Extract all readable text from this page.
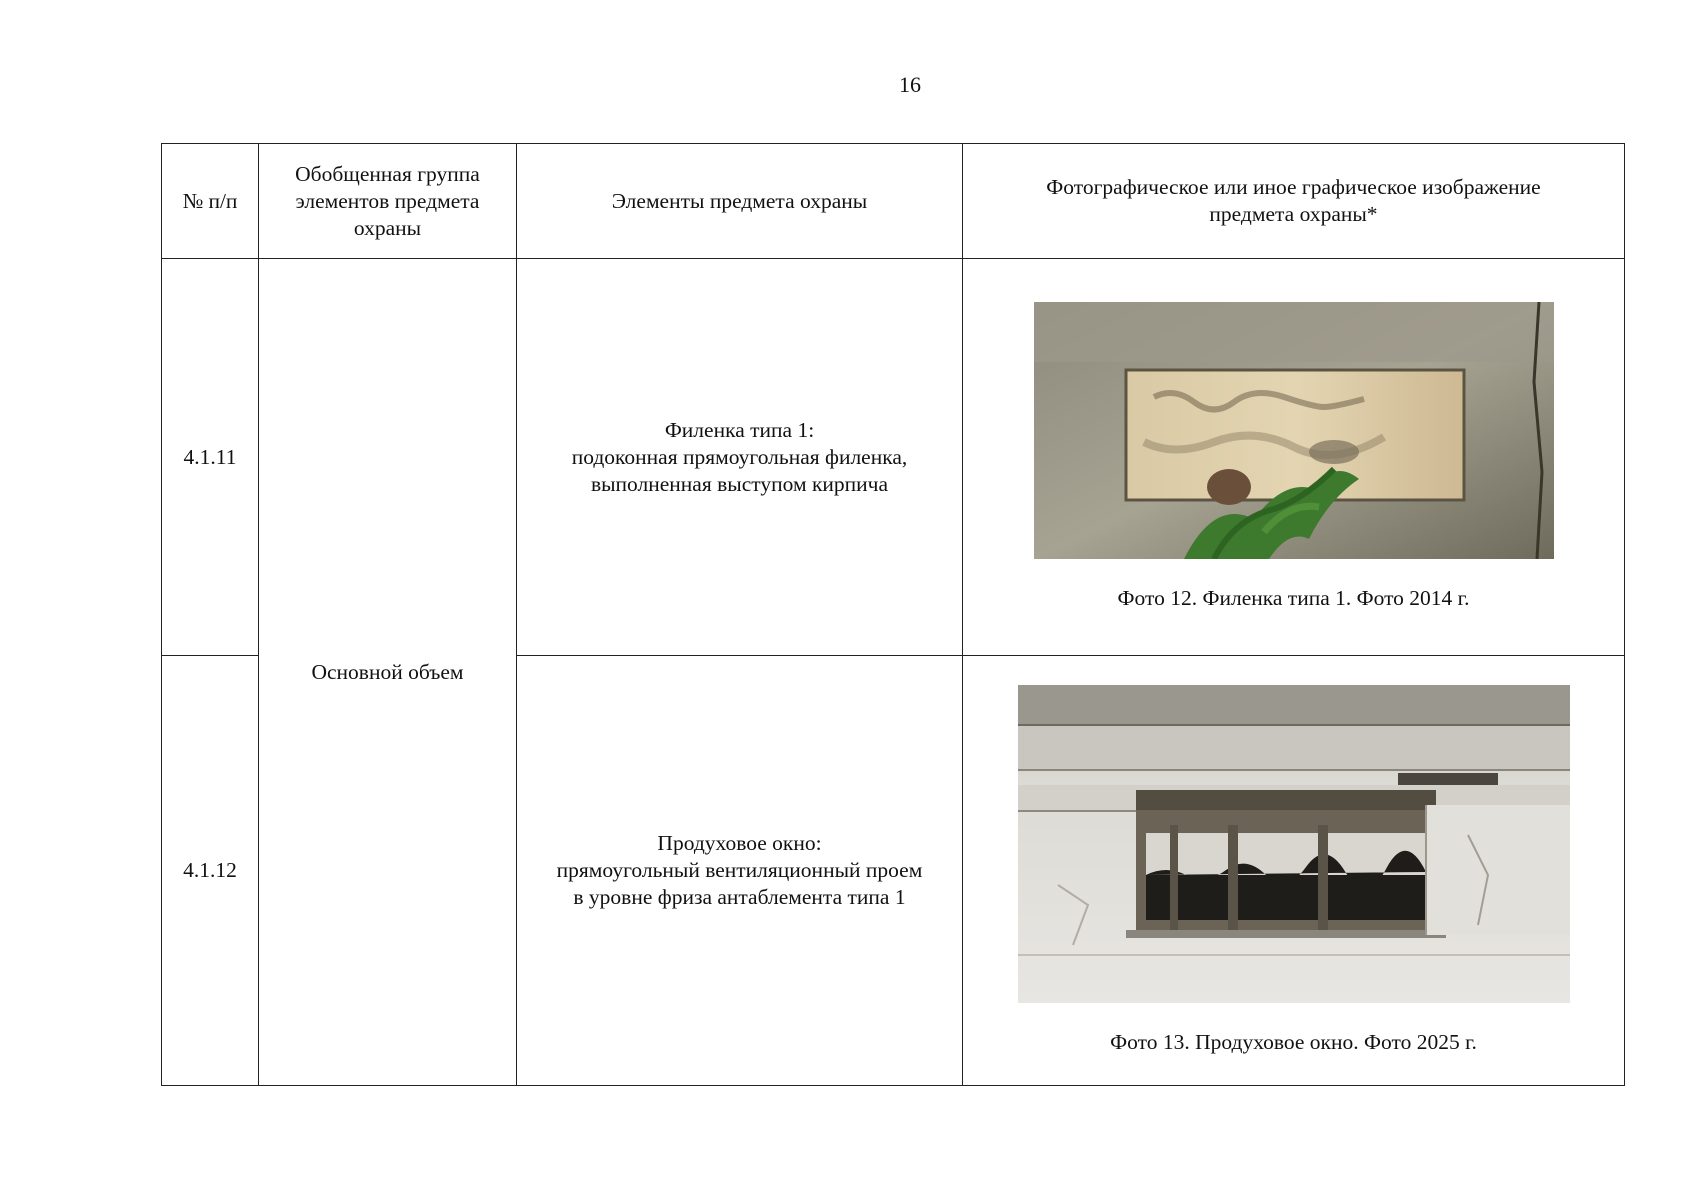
16
№ п/п	Обобщенная группа
элементов предмета
охраны	Элементы предмета охраны	Фотографическое или иное графическое изображение
предмета охраны*
4.1.11	Основной объем	Филенка типа 1:
подоконная прямоугольная филенка,
выполненная выступом кирпича	Фото 12. Филенка типа 1. Фото 2014 г.

4.1.12		Продуховое окно:
прямоугольный вентиляционный проем
в уровне фриза антаблемента типа 1	Фото 13. Продуховое окно. Фото 2025 г.
